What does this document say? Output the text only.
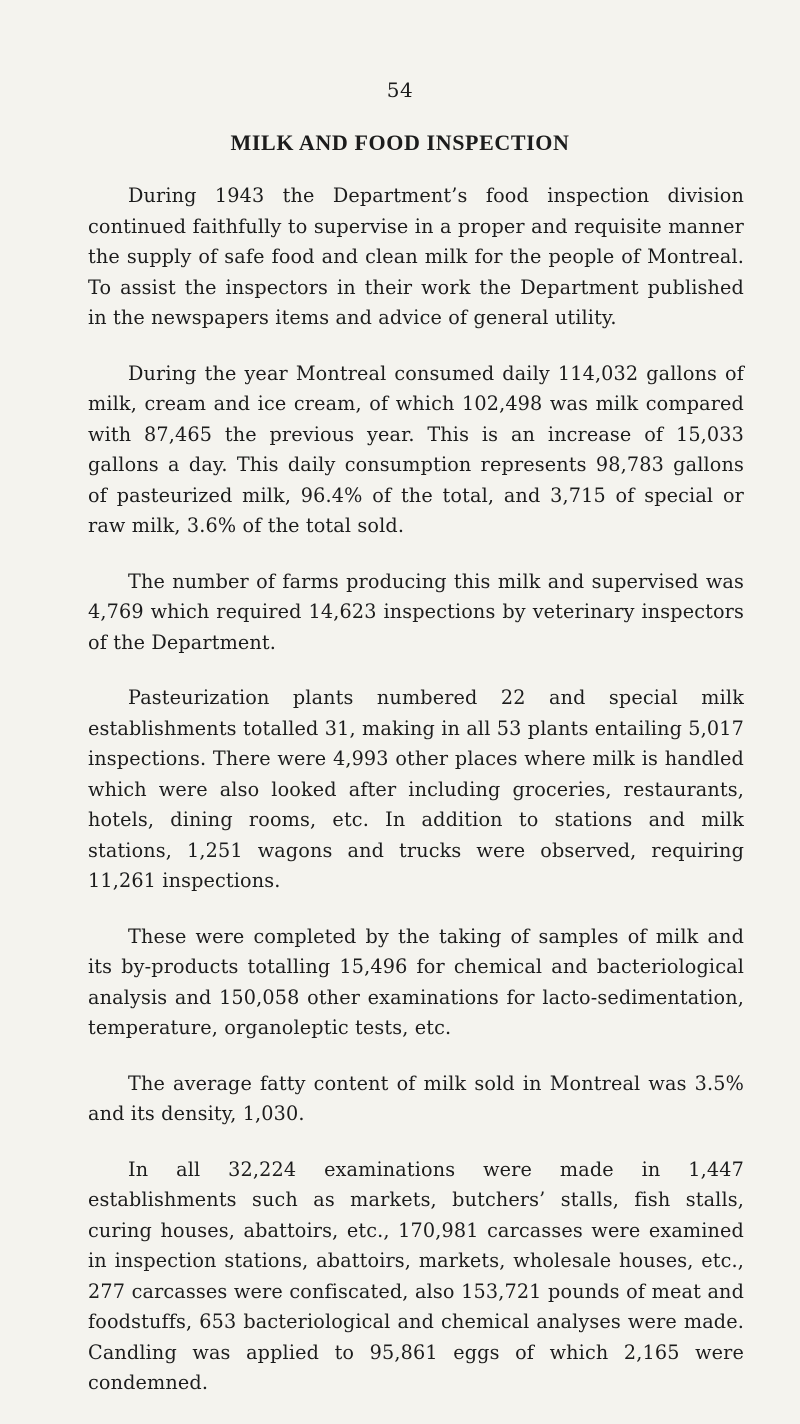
54
MILK AND FOOD INSPECTION

During 1943 the Department’s food inspection division continued faithfully to supervise in a proper and requisite manner the supply of safe food and clean milk for the people of Montreal. To assist the inspectors in their work the Department published in the newspapers items and advice of general utility.

During the year Montreal consumed daily 114,032 gallons of milk, cream and ice cream, of which 102,498 was milk compared with 87,465 the previous year. This is an increase of 15,033 gallons a day. This daily consumption represents 98,783 gallons of pasteurized milk, 96.4% of the total, and 3,715 of special or raw milk, 3.6% of the total sold.

The number of farms producing this milk and supervised was 4,769 which required 14,623 inspections by veterinary inspectors of the Department.

Pasteurization plants numbered 22 and special milk establishments totalled 31, making in all 53 plants entailing 5,017 inspections. There were 4,993 other places where milk is handled which were also looked after including groceries, restaurants, hotels, dining rooms, etc. In addition to stations and milk stations, 1,251 wagons and trucks were observed, requiring 11,261 inspections.

These were completed by the taking of samples of milk and its by-products totalling 15,496 for chemical and bacteriological analysis and 150,058 other examinations for lacto-sedimentation, temperature, organoleptic tests, etc.

The average fatty content of milk sold in Montreal was 3.5% and its density, 1,030.

In all 32,224 examinations were made in 1,447 establishments such as markets, butchers’ stalls, fish stalls, curing houses, abattoirs, etc., 170,981 carcasses were examined in inspection stations, abattoirs, markets, wholesale houses, etc., 277 carcasses were confiscated, also 153,721 pounds of meat and foodstuffs, 653 bacteriological and chemical analyses were made. Candling was applied to 95,861 eggs of which 2,165 were condemned.
